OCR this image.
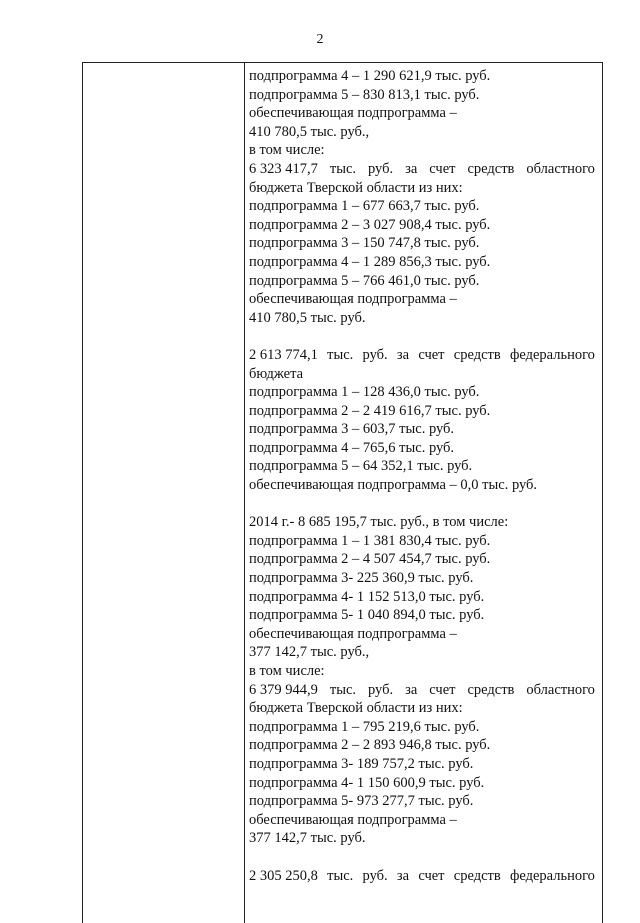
2
подпрограмма 4 – 1 290 621,9 тыс. руб.
подпрограмма 5 – 830 813,1 тыс. руб.
обеспечивающая подпрограмма –
410 780,5 тыс. руб.,
в том числе:
6 323 417,7 тыс. руб. за счет средств областного
бюджета Тверской области из них:
подпрограмма 1 – 677 663,7 тыс. руб.
подпрограмма 2 – 3 027 908,4 тыс. руб.
подпрограмма 3 – 150 747,8 тыс. руб.
подпрограмма 4 – 1 289 856,3 тыс. руб.
подпрограмма 5 – 766 461,0 тыс. руб.
обеспечивающая подпрограмма –
410 780,5 тыс. руб.
2 613 774,1 тыс. руб. за счет средств федерального
бюджета
подпрограмма 1 – 128 436,0 тыс. руб.
подпрограмма 2 – 2 419 616,7 тыс. руб.
подпрограмма 3 – 603,7 тыс. руб.
подпрограмма 4 – 765,6 тыс. руб.
подпрограмма 5 – 64 352,1 тыс. руб.
обеспечивающая подпрограмма – 0,0 тыс. руб.
2014 г.- 8 685 195,7 тыс. руб., в том числе:
подпрограмма 1 – 1 381 830,4 тыс. руб.
подпрограмма 2 – 4 507 454,7 тыс. руб.
подпрограмма 3- 225 360,9 тыс. руб.
подпрограмма 4- 1 152 513,0 тыс. руб.
подпрограмма 5- 1 040 894,0 тыс. руб.
обеспечивающая подпрограмма –
377 142,7 тыс. руб.,
в том числе:
6 379 944,9 тыс. руб. за счет средств областного
бюджета Тверской области из них:
подпрограмма 1 – 795 219,6 тыс. руб.
подпрограмма 2 – 2 893 946,8 тыс. руб.
подпрограмма 3- 189 757,2 тыс. руб.
подпрограмма 4- 1 150 600,9 тыс. руб.
подпрограмма 5- 973 277,7 тыс. руб.
обеспечивающая подпрограмма –
377 142,7 тыс. руб.
2 305 250,8 тыс. руб. за счет средств федерального
